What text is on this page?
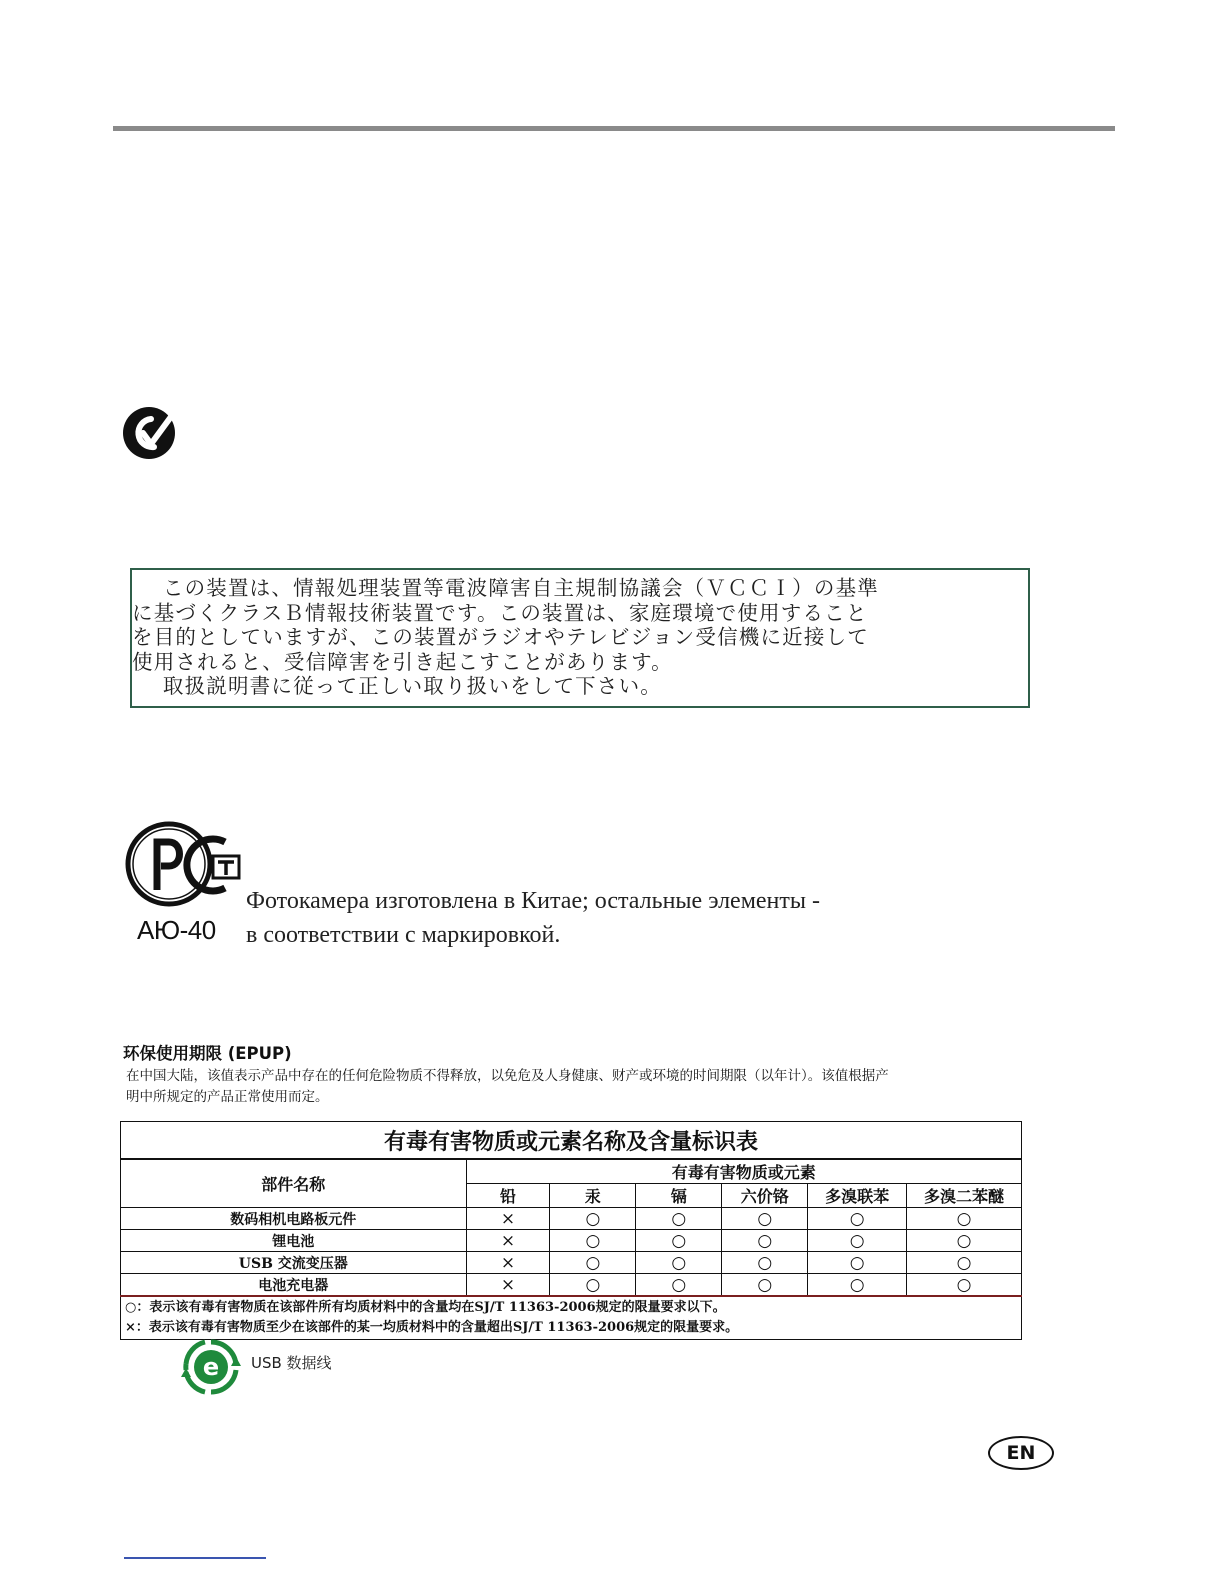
この装置は、情報処理装置等電波障害自主規制協議会（ＶＣＣＩ）の基準
に基づくクラスＢ情報技術装置です。この装置は、家庭環境で使用すること
を目的としていますが、この装置がラジオやテレビジョン受信機に近接して
使用されると、受信障害を引き起こすことがあります。
取扱説明書に従って正しい取り扱いをして下さい。
АЮ-40
Фотокамера изготовлена в Китае; остальные элементы -
в соответствии с маркировкой.
环保使用期限 (EPUP)
在中国大陆，该值表示产品中存在的任何危险物质不得释放，以免危及人身健康、财产或环境的时间期限（以年计）。该值根据产
明中所规定的产品正常使用而定。
有毒有害物质或元素名称及含量标识表						
部件名称	有毒有害物质或元素					
	铅	汞	镉	六价铬	多溴联苯	多溴二苯醚
数码相机电路板元件	×	○	○	○	○	○
锂电池	×	○	○	○	○	○
USB 交流变压器	×	○	○	○	○	○
电池充电器	×	○	○	○	○	○

○：表示该有毒有害物质在该部件所有均质材料中的含量均在SJ/T 11363-2006规定的限量要求以下。
×：表示该有毒有害物质至少在该部件的某一均质材料中的含量超出SJ/T 11363-2006规定的限量要求。						
e USB 数据线
EN
